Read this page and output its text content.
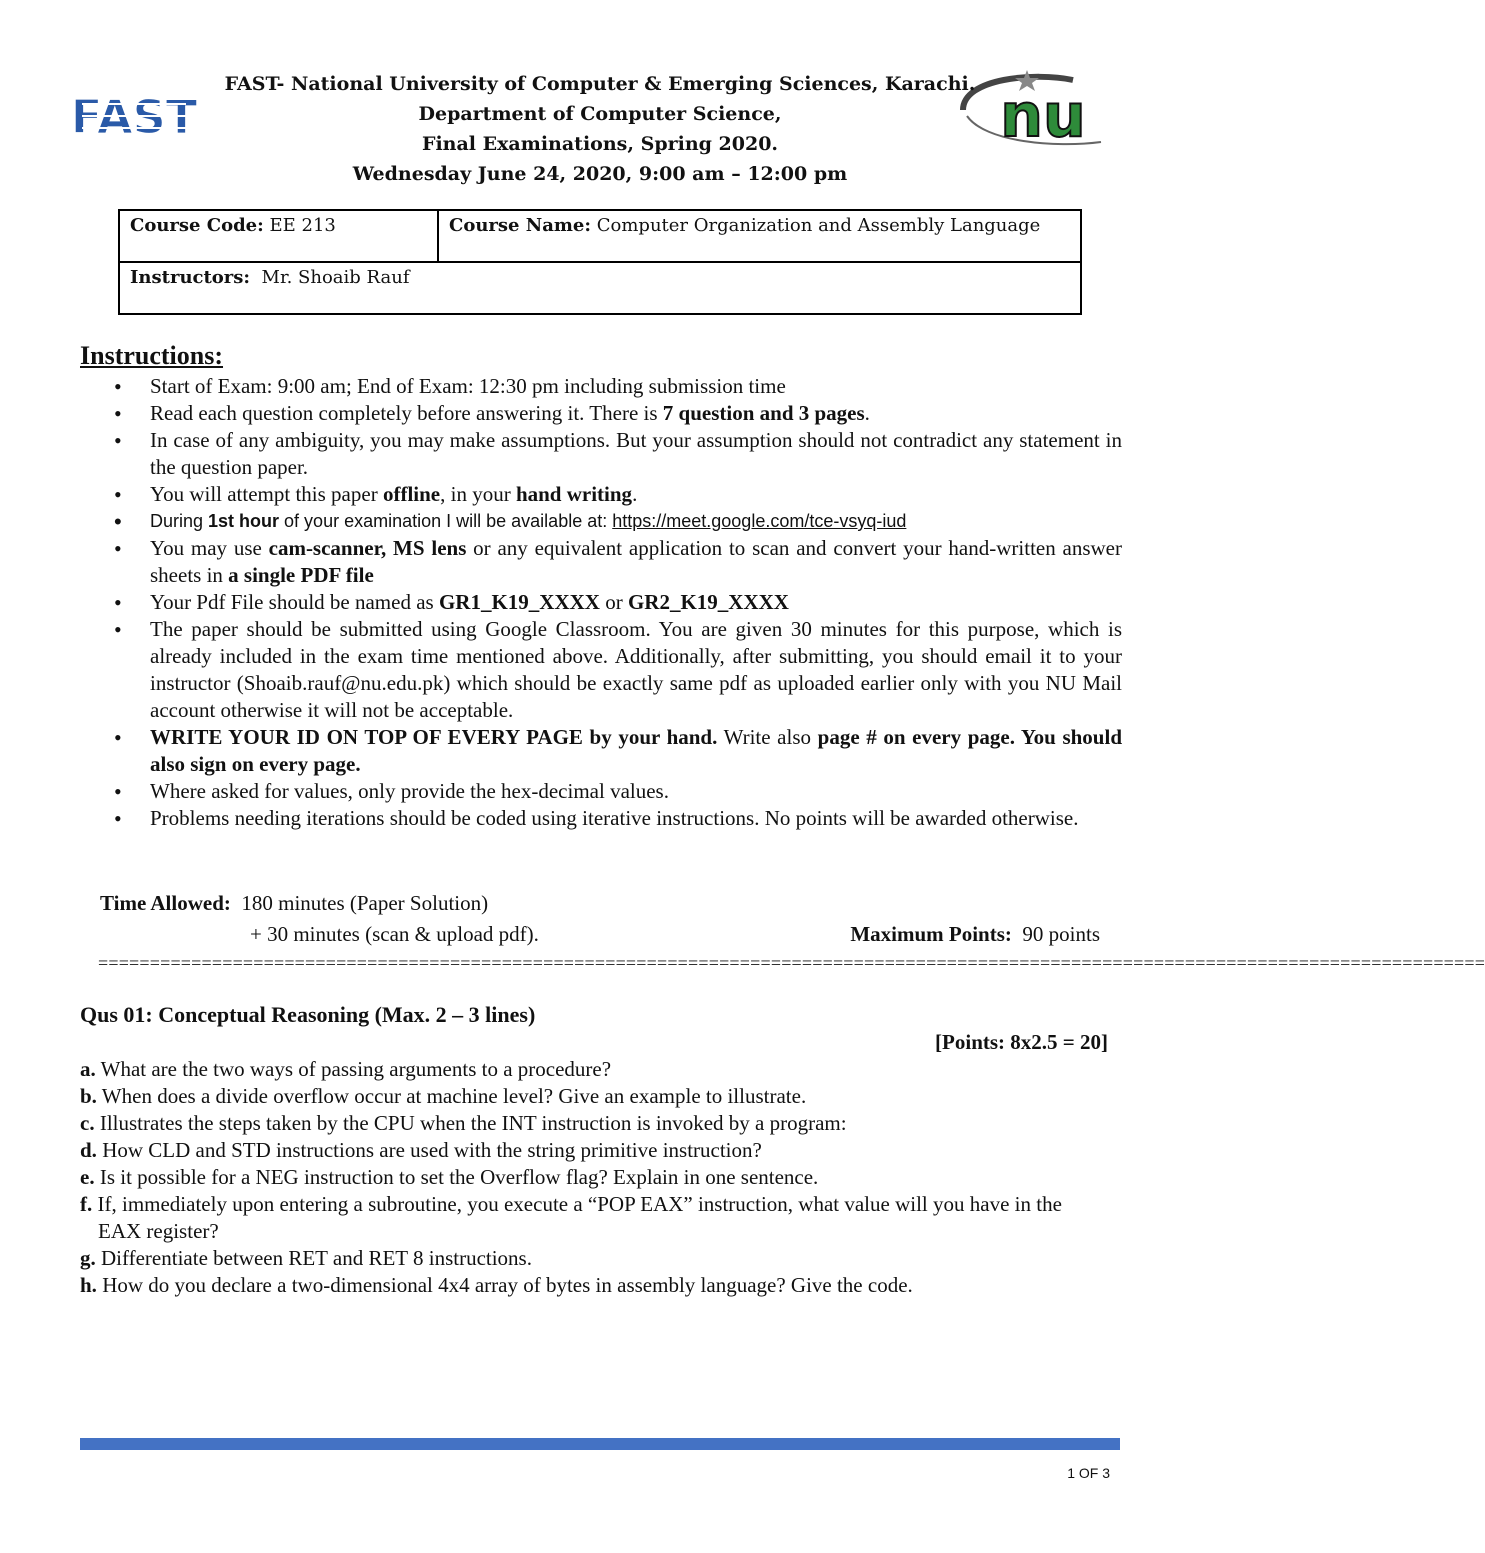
FAST	nu
FAST- National University of Computer & Emerging Sciences, Karachi.
Department of Computer Science,
Final Examinations, Spring 2020.
Wednesday June 24, 2020, 9:00 am – 12:00 pm
Course Code: EE 213	Course Name: Computer Organization and Assembly Language
Instructors: Mr. Shoaib Rauf
Instructions:
• Start of Exam: 9:00 am; End of Exam: 12:30 pm including submission time
• Read each question completely before answering it. There is 7 question and 3 pages.
• In case of any ambiguity, you may make assumptions. But your assumption should not contradict any statement in the question paper.
• You will attempt this paper offline, in your hand writing.
• During 1st hour of your examination I will be available at: https://meet.google.com/tce-vsyq-iud
• You may use cam-scanner, MS lens or any equivalent application to scan and convert your hand-written answer sheets in a single PDF file
• Your Pdf File should be named as GR1_K19_XXXX or GR2_K19_XXXX
• The paper should be submitted using Google Classroom. You are given 30 minutes for this purpose, which is already included in the exam time mentioned above. Additionally, after submitting, you should email it to your instructor (Shoaib.rauf@nu.edu.pk) which should be exactly same pdf as uploaded earlier only with you NU Mail account otherwise it will not be acceptable.
• WRITE YOUR ID ON TOP OF EVERY PAGE by your hand. Write also page # on every page. You should also sign on every page.
• Where asked for values, only provide the hex-decimal values.
• Problems needing iterations should be coded using iterative instructions. No points will be awarded otherwise.
Time Allowed: 180 minutes (Paper Solution)
+ 30 minutes (scan & upload pdf).	Maximum Points: 90 points
======================================================================================================================================
Qus 01: Conceptual Reasoning (Max. 2 – 3 lines)
[Points: 8x2.5 = 20]
a. What are the two ways of passing arguments to a procedure?
b. When does a divide overflow occur at machine level? Give an example to illustrate.
c. Illustrates the steps taken by the CPU when the INT instruction is invoked by a program:
d. How CLD and STD instructions are used with the string primitive instruction?
e. Is it possible for a NEG instruction to set the Overflow flag? Explain in one sentence.
f. If, immediately upon entering a subroutine, you execute a “POP EAX” instruction, what value will you have in the EAX register?
g. Differentiate between RET and RET 8 instructions.
h. How do you declare a two-dimensional 4x4 array of bytes in assembly language? Give the code.
1 OF 3
